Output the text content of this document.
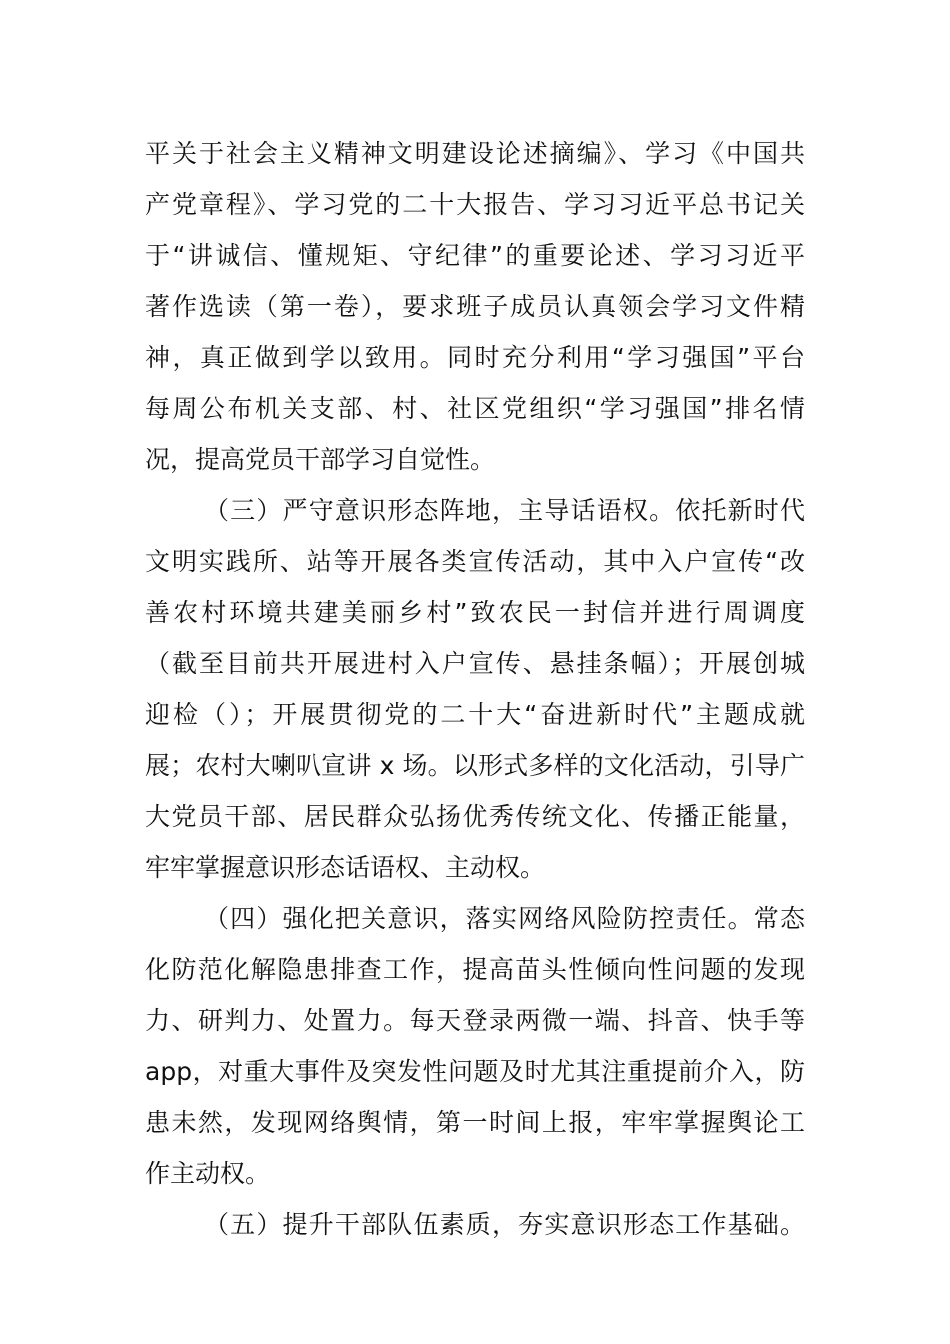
平关于社会主义精神文明建设论述摘编》、学习《中国共
产党章程》、学习党的二十大报告、学习习近平总书记关
于“讲诚信、懂规矩、守纪律”的重要论述、学习习近平
著作选读（第一卷），要求班子成员认真领会学习文件精
神，真正做到学以致用。同时充分利用“学习强国”平台
每周公布机关支部、村、社区党组织“学习强国”排名情
况，提高党员干部学习自觉性。
（三）严守意识形态阵地，主导话语权。依托新时代
文明实践所、站等开展各类宣传活动，其中入户宣传“改
善农村环境共建美丽乡村”致农民一封信并进行周调度
（截至目前共开展进村入户宣传、悬挂条幅）；开展创城
迎检（）；开展贯彻党的二十大“奋进新时代”主题成就
展；农村大喇叭宣讲 x 场。以形式多样的文化活动，引导广
大党员干部、居民群众弘扬优秀传统文化、传播正能量，
牢牢掌握意识形态话语权、主动权。
（四）强化把关意识，落实网络风险防控责任。常态
化防范化解隐患排查工作，提高苗头性倾向性问题的发现
力、研判力、处置力。每天登录两微一端、抖音、快手等
app，对重大事件及突发性问题及时尤其注重提前介入，防
患未然，发现网络舆情，第一时间上报，牢牢掌握舆论工
作主动权。
（五）提升干部队伍素质，夯实意识形态工作基础。
